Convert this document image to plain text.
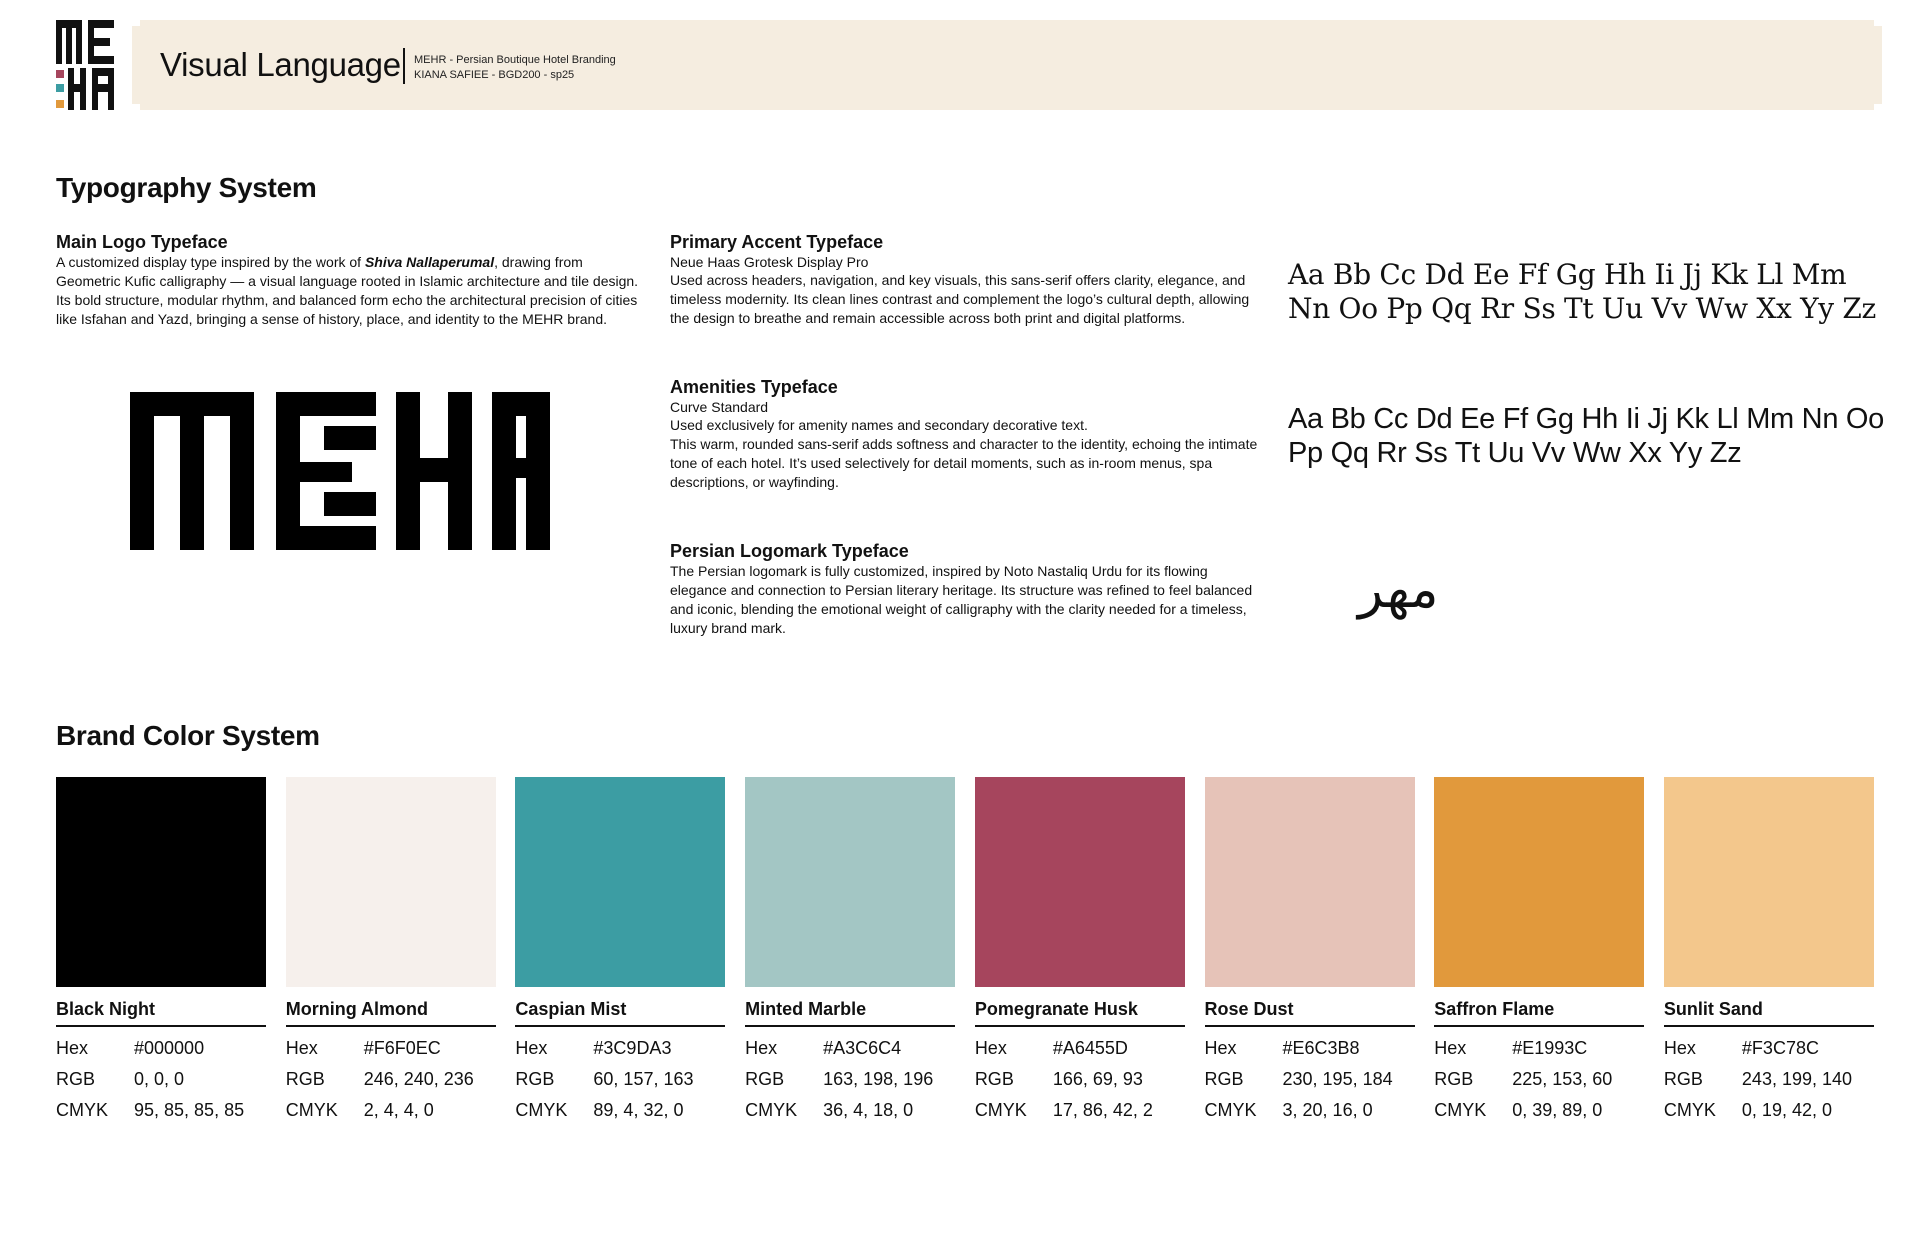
Visual Language MEHR - Persian Boutique Hotel Branding
KIANA SAFIEE - BGD200 - sp25
Typography System

Main Logo Typeface

A customized display type inspired by the work of Shiva Nallaperumal, drawing from Geometric Kufic calligraphy — a visual language rooted in Islamic architecture and tile design. Its bold structure, modular rhythm, and balanced form echo the architectural precision of cities like Isfahan and Yazd, bringing a sense of history, place, and identity to the MEHR brand.

Primary Accent Typeface

Neue Haas Grotesk Display Pro

Used across headers, navigation, and key visuals, this sans-serif offers clarity, elegance, and timeless modernity. Its clean lines contrast and complement the logo’s cultural depth, allowing the design to breathe and remain accessible across both print and digital platforms.

Amenities Typeface

Curve Standard

Used exclusively for amenity names and secondary decorative text.

This warm, rounded sans-serif adds softness and character to the identity, echoing the intimate tone of each hotel. It’s used selectively for detail moments, such as in-room menus, spa descriptions, or wayfinding.

Persian Logomark Typeface

The Persian logomark is fully customized, inspired by Noto Nastaliq Urdu for its flowing elegance and connection to Persian literary heritage. Its structure was refined to feel balanced and iconic, blending the emotional weight of calligraphy with the clarity needed for a timeless, luxury brand mark.

Aa Bb Cc Dd Ee Ff Gg Hh Ii Jj Kk Ll Mm Nn Oo Pp Qq Rr Ss Tt Uu Vv Ww Xx Yy Zz
Aa Bb Cc Dd Ee Ff Gg Hh Ii Jj Kk Ll Mm Nn Oo Pp Qq Rr Ss Tt Uu Vv Ww Xx Yy Zz
مهر
Brand Color System
Black Night
Hex	#000000
RGB	0, 0, 0
CMYK	95, 85, 85, 85
Morning Almond
Hex	#F6F0EC
RGB	246, 240, 236
CMYK	2, 4, 4, 0
Caspian Mist
Hex	#3C9DA3
RGB	60, 157, 163
CMYK	89, 4, 32, 0
Minted Marble
Hex	#A3C6C4
RGB	163, 198, 196
CMYK	36, 4, 18, 0
Pomegranate Husk
Hex	#A6455D
RGB	166, 69, 93
CMYK	17, 86, 42, 2
Rose Dust
Hex	#E6C3B8
RGB	230, 195, 184
CMYK	3, 20, 16, 0
Saffron Flame
Hex	#E1993C
RGB	225, 153, 60
CMYK	0, 39, 89, 0
Sunlit Sand
Hex	#F3C78C
RGB	243, 199, 140
CMYK	0, 19, 42, 0
